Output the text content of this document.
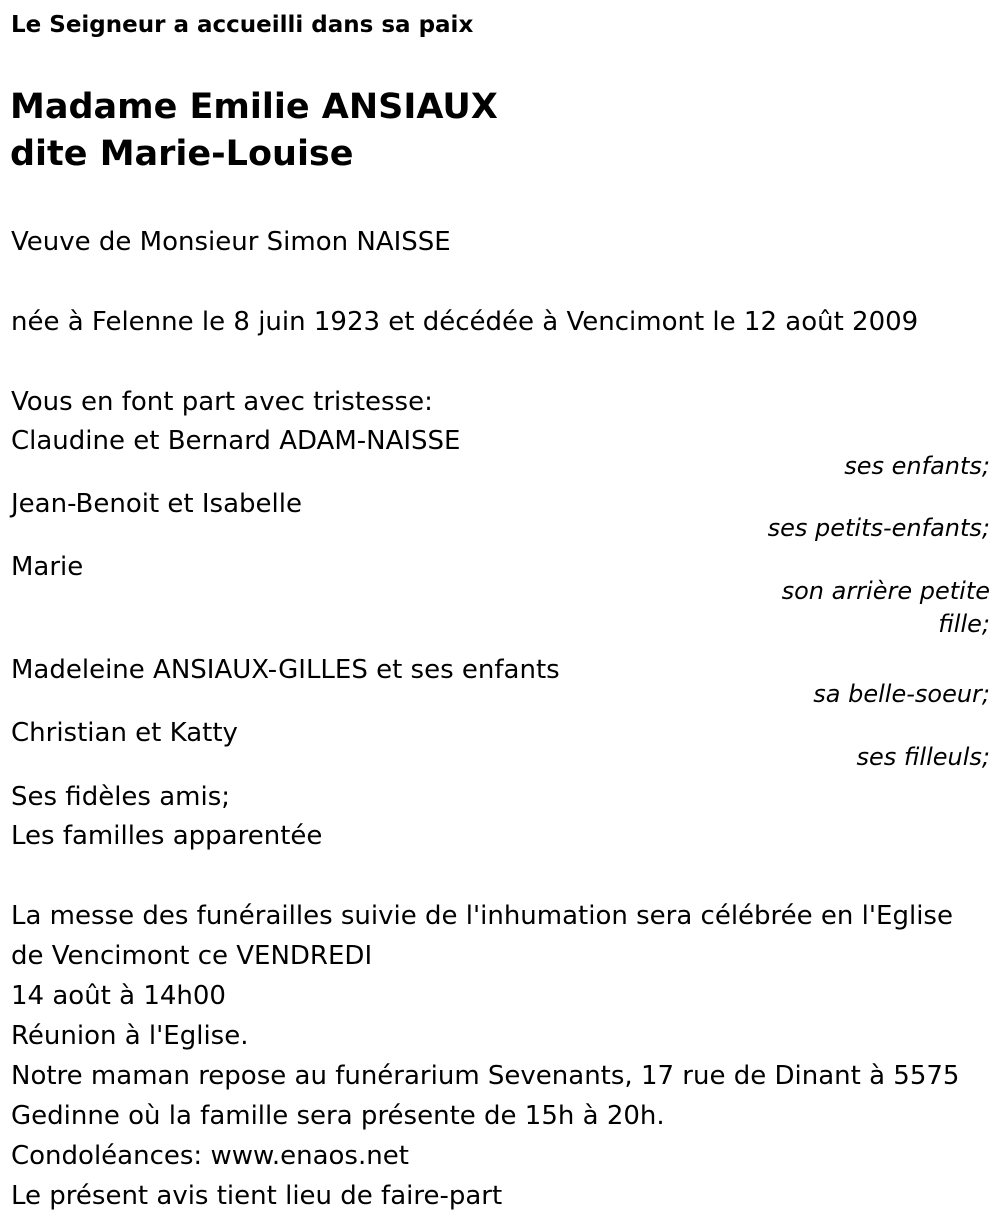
Le Seigneur a accueilli dans sa paix
Madame Emilie ANSIAUX
dite Marie-Louise
Veuve de Monsieur Simon NAISSE
née à Felenne le 8 juin 1923 et décédée à Vencimont le 12 août 2009
Vous en font part avec tristesse:
Claudine et Bernard ADAM-NAISSE
ses enfants;
Jean-Benoit et Isabelle
ses petits-enfants;
Marie
son arrière petite fille;
Madeleine ANSIAUX-GILLES et ses enfants
sa belle-soeur;
Christian et Katty
ses filleuls;
Ses fidèles amis;
Les familles apparentée
La messe des funérailles suivie de l'inhumation sera célébrée en l'Eglise
de Vencimont ce VENDREDI
14 août à 14h00
Réunion à l'Eglise.
Notre maman repose au funérarium Sevenants, 17 rue de Dinant à 5575
Gedinne où la famille sera présente de 15h à 20h.
Condoléances: www.enaos.net
Le présent avis tient lieu de faire-part
